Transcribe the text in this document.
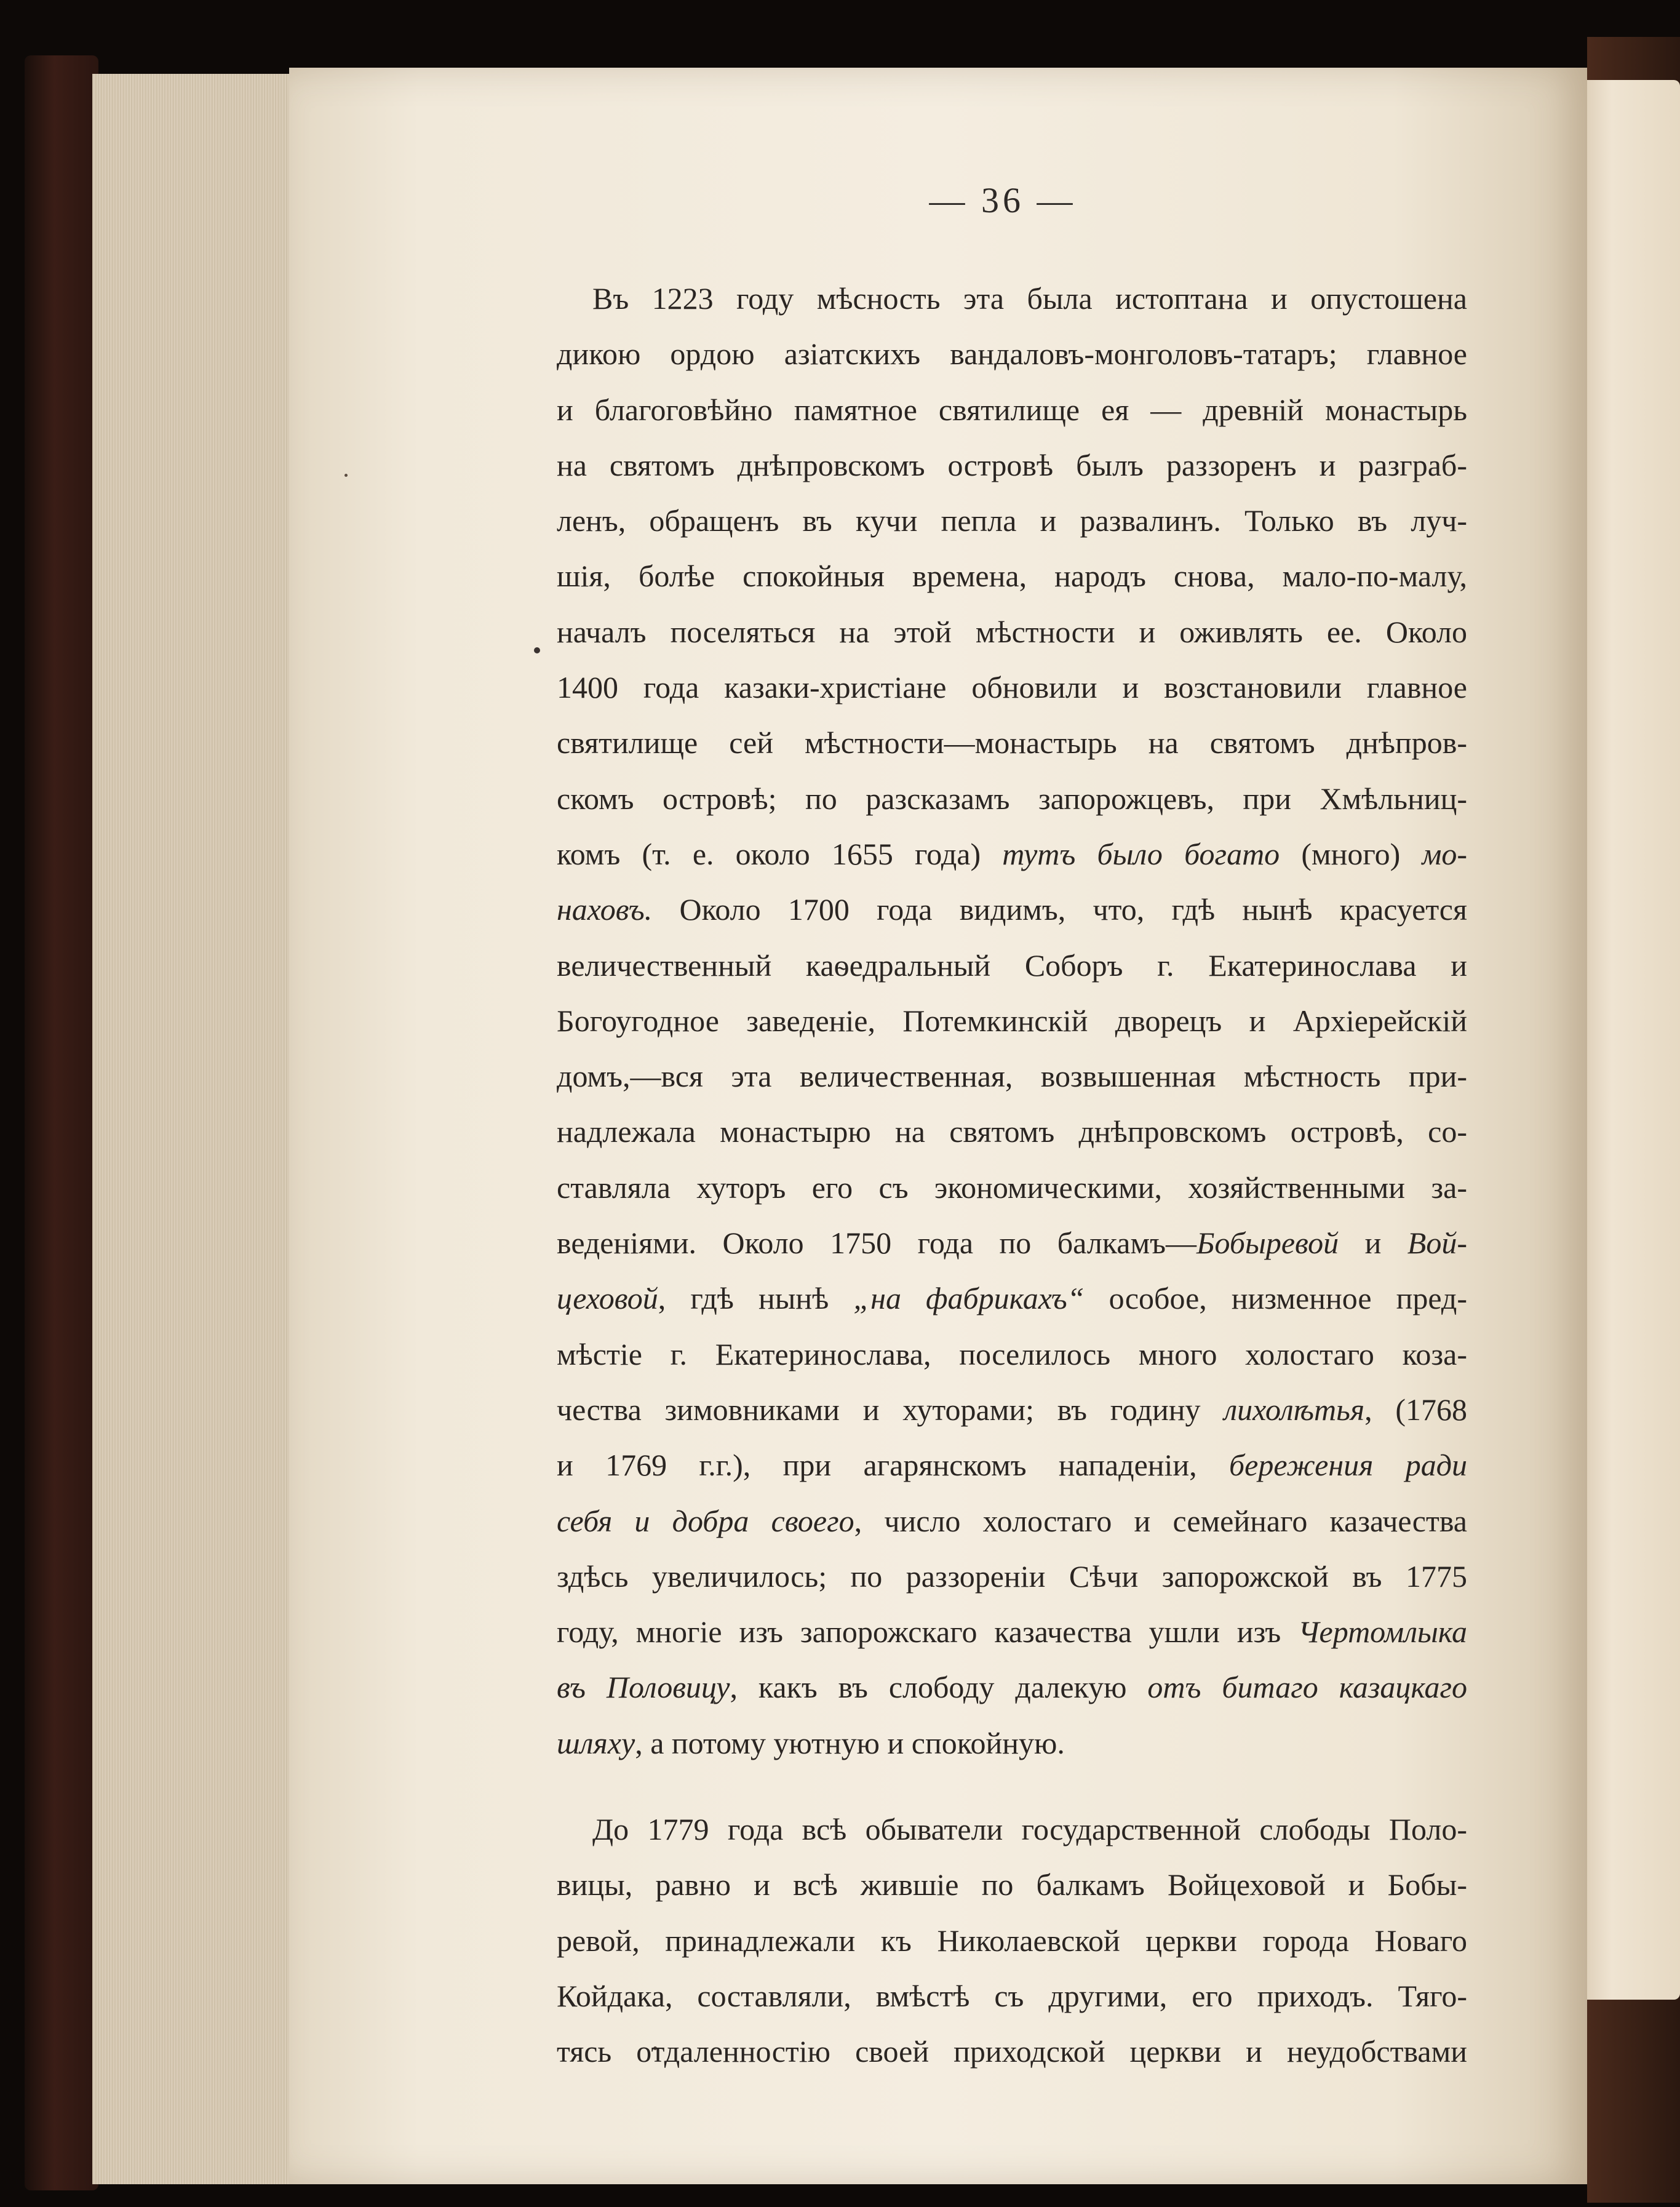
— 36 —
Въ 1223 году мѣсность эта была истоптана и опустошена
дикою ордою азіатскихъ вандаловъ-монголовъ-татаръ; главное
и благоговѣйно памятное святилище ея — древній монастырь
на святомъ днѣпровскомъ островѣ былъ раззоренъ и разграб-
ленъ, обращенъ въ кучи пепла и развалинъ. Только въ луч-
шія, болѣе спокойныя времена, народъ снова, мало-по-малу,
началъ поселяться на этой мѣстности и оживлять ее. Около
1400 года казаки-христіане обновили и возстановили главное
святилище сей мѣстности—монастырь на святомъ днѣпров-
скомъ островѣ; по разсказамъ запорожцевъ, при Хмѣльниц-
комъ (т. е. около 1655 года) тутъ было богато (много) мо-
наховъ. Около 1700 года видимъ, что, гдѣ нынѣ красуется
величественный каѳедральный Соборъ г. Екатеринослава и
Богоугодное заведеніе, Потемкинскій дворецъ и Архіерейскій
домъ,—вся эта величественная, возвышенная мѣстность при-
надлежала монастырю на святомъ днѣпровскомъ островѣ, со-
ставляла хуторъ его съ экономическими, хозяйственными за-
веденіями. Около 1750 года по балкамъ—Бобыревой и Вой-
цеховой, гдѣ нынѣ „на фабрикахъ“ особое, низменное пред-
мѣстіе г. Екатеринослава, поселилось много холостаго коза-
чества зимовниками и хуторами; въ годину лихолѣтья, (1768
и 1769 г.г.), при агарянскомъ нападеніи, бережения ради
себя и добра своего, число холостаго и семейнаго казачества
здѣсь увеличилось; по раззореніи Сѣчи запорожской въ 1775
году, многіе изъ запорожскаго казачества ушли изъ Чертомлыка
въ Половицу, какъ въ слободу далекую отъ битаго казацкаго
шляху, а потому уютную и спокойную.
До 1779 года всѣ обыватели государственной слободы Поло-
вицы, равно и всѣ жившіе по балкамъ Войцеховой и Бобы-
ревой, принадлежали къ Николаевской церкви города Новаго
Койдака, составляли, вмѣстѣ съ другими, его приходъ. Тяго-
тясь отдаленностію своей приходской церкви и неудобствами
